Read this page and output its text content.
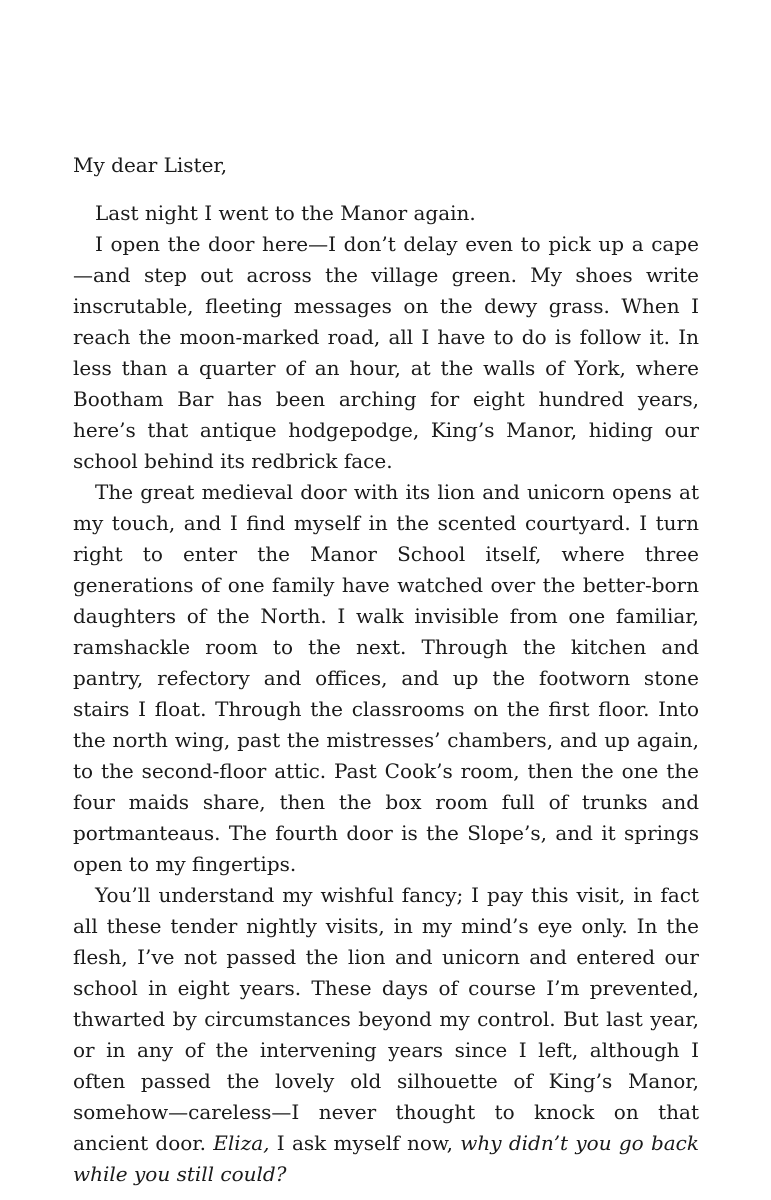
My dear Lister,

Last night I went to the Manor again.

I open the door here—I don’t delay even to pick up a cape—and step out across the village green. My shoes write inscrutable, fleeting messages on the dewy grass. When I reach the moon-marked road, all I have to do is follow it. In less than a quarter of an hour, at the walls of York, where Bootham Bar has been arching for eight hundred years, here’s that antique hodgepodge, King’s Manor, hiding our school behind its redbrick face.

The great medieval door with its lion and unicorn opens at my touch, and I find myself in the scented courtyard. I turn right to enter the Manor School itself, where three generations of one family have watched over the better-born daughters of the North. I walk invisible from one familiar, ramshackle room to the next. Through the kitchen and pantry, refectory and offices, and up the footworn stone stairs I float. Through the classrooms on the first floor. Into the north wing, past the mistresses’ chambers, and up again, to the second-floor attic. Past Cook’s room, then the one the four maids share, then the box room full of trunks and portmanteaus. The fourth door is the Slope’s, and it springs open to my fingertips.

You’ll understand my wishful fancy; I pay this visit, in fact all these tender nightly visits, in my mind’s eye only. In the flesh, I’ve not passed the lion and unicorn and entered our school in eight years. These days of course I’m prevented, thwarted by circumstances beyond my control. But last year, or in any of the intervening years since I left, although I often passed the lovely old silhouette of King’s Manor, somehow—careless—I never thought to knock on that ancient door. Eliza, I ask myself now, why didn’t you go back while you still could?
